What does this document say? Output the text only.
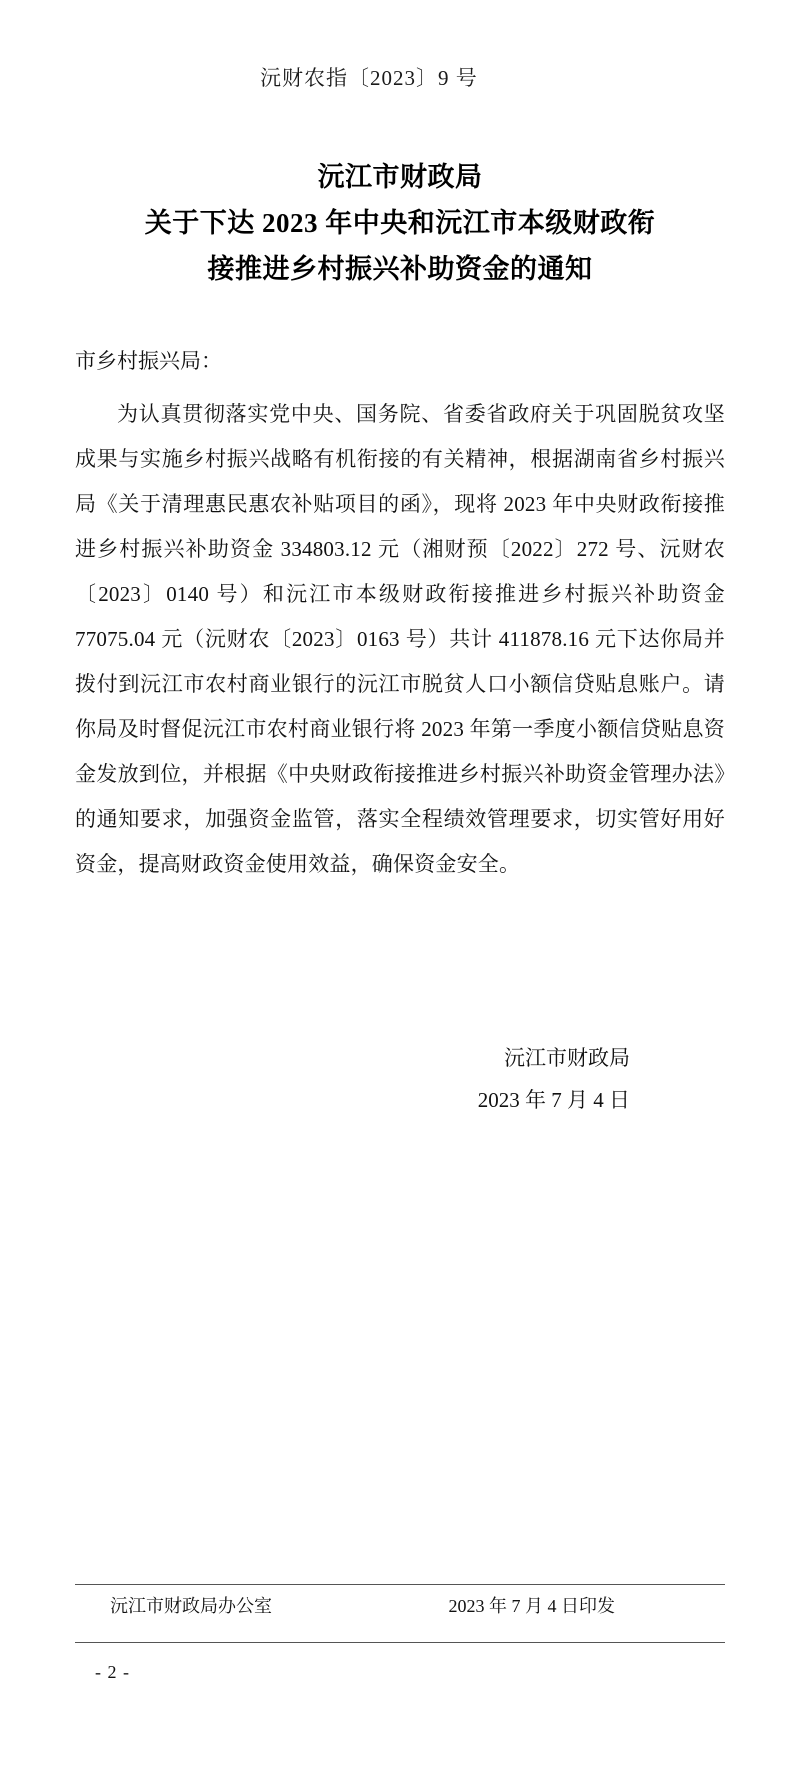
沅财农指〔2023〕9 号
沅江市财政局
关于下达 2023 年中央和沅江市本级财政衔
接推进乡村振兴补助资金的通知
市乡村振兴局：
为认真贯彻落实党中央、国务院、省委省政府关于巩固脱贫攻坚成果与实施乡村振兴战略有机衔接的有关精神，根据湖南省乡村振兴局《关于清理惠民惠农补贴项目的函》，现将 2023 年中央财政衔接推进乡村振兴补助资金 334803.12 元（湘财预〔2022〕272 号、沅财农〔2023〕0140 号）和沅江市本级财政衔接推进乡村振兴补助资金 77075.04 元（沅财农〔2023〕0163 号）共计 411878.16 元下达你局并拨付到沅江市农村商业银行的沅江市脱贫人口小额信贷贴息账户。请你局及时督促沅江市农村商业银行将 2023 年第一季度小额信贷贴息资金发放到位，并根据《中央财政衔接推进乡村振兴补助资金管理办法》的通知要求，加强资金监管，落实全程绩效管理要求，切实管好用好资金，提高财政资金使用效益，确保资金安全。
沅江市财政局
2023 年 7 月 4 日
沅江市财政局办公室	2023 年 7 月 4 日印发
- 2 -
